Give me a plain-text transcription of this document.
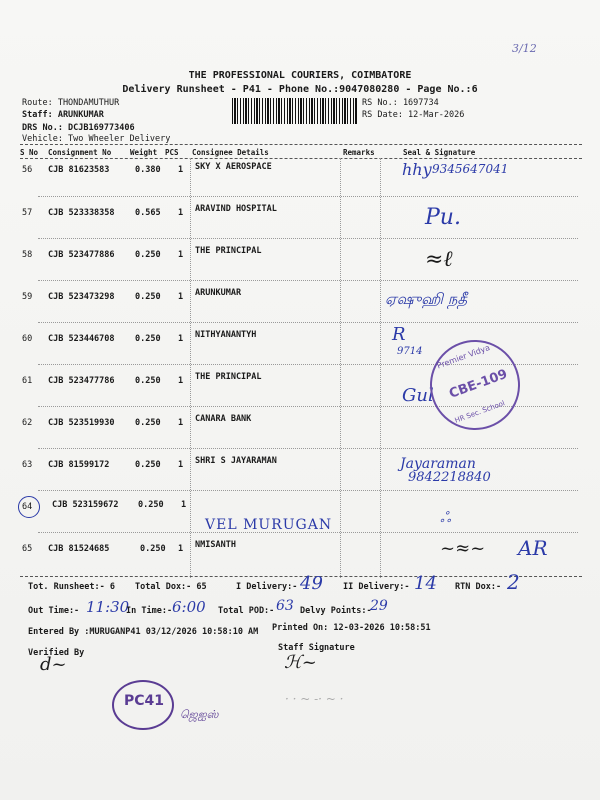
THE PROFESSIONAL COURIERS, COIMBATORE
Delivery Runsheet - P41 - Phone No.:9047080280 - Page No.:6
Route: THONDAMUTHUR
Staff: ARUNKUMAR
DRS No.: DCJB169773406
Vehicle: Two Wheeler Delivery
RS No.: 1697734
RS Date: 12-Mar-2026
S No Consignment No	Weight PCS Consignee Details	Remarks	Seal & Signature
56 CJB 81623583	0.380 1 SKY X AEROSPACE
57 CJB 523338358 0.565 1 ARAVIND HOSPITAL
58 CJB 523477886 0.250 1 THE PRINCIPAL
59 CJB 523473298 0.250 1 ARUNKUMAR
60 CJB 523446708 0.250 1 NITHYANANTYH
61 CJB 523477786 0.250 1 THE PRINCIPAL
62 CJB 523519930 0.250 1 CANARA BANK
63 CJB 81599172	0.250 1 SHRI S JAYARAMAN
64 CJB 523159672 0.250 1
65 CJB 81524685	0.250 1 NMISANTH
hhy 9345647041
Pu.
≈ℓ
ஏஷுஹி நதீ
R
9714
Gul
Jayaraman
9842218840
VEL MURUGAN	ஃ
~≈~ AR
3/12
Premier Vidya
CBE-109
HR Sec. School
Tot. Runsheet:- 6 Total Dox:- 65	I Delivery:- 49 II Delivery:- 14 RTN Dox:- 2
Out Time:- 11:30
In Time:- 6:00 Total POD:- 63 Delvy Points:-
29
Entered By :MURUGANP41 03/12/2026 10:58:10 AM Printed On: 12-03-2026 10:58:51
Verified By	Staff Signature
d~	ℋ~
PC41
ஜெஐஸ்
· · ~ -· ~ ·
